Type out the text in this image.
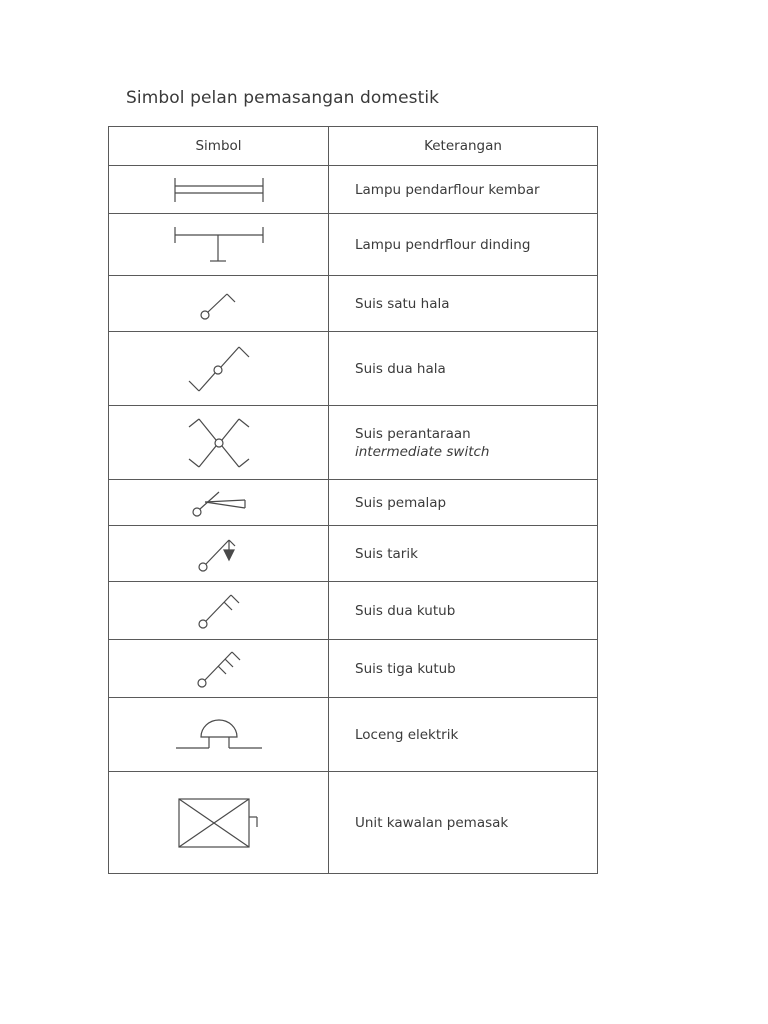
Simbol pelan pemasangan domestik
Simbol	Keterangan

	Lampu pendarflour kembar

	Lampu pendrflour dinding

	Suis satu hala

	Suis dua hala

	Suis perantaraan
intermediate switch

	Suis pemalap

	Suis tarik

	Suis dua kutub

	Suis tiga kutub

	Loceng elektrik

	Unit kawalan pemasak
